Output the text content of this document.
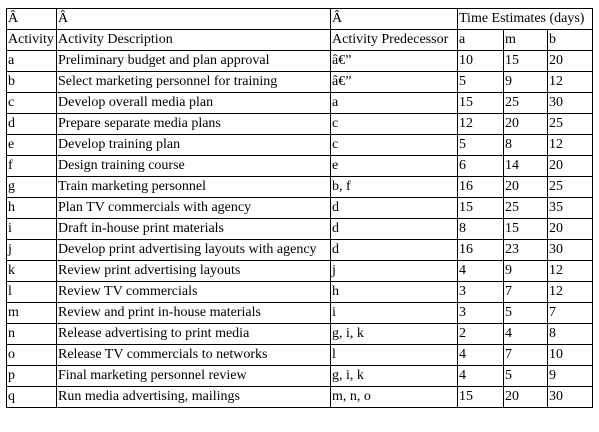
Â	Â	Â	Time Estimates (days)		
Activity	Activity Description	Activity Predecessor	a	m	b
a	Preliminary budget and plan approval	â€”	10	15	20
b	Select marketing personnel for training	â€”	5	9	12
c	Develop overall media plan	a	15	25	30
d	Prepare separate media plans	c	12	20	25
e	Develop training plan	c	5	8	12
f	Design training course	e	6	14	20
g	Train marketing personnel	b, f	16	20	25
h	Plan TV commercials with agency	d	15	25	35
i	Draft in-house print materials	d	8	15	20
j	Develop print advertising layouts with agency	d	16	23	30
k	Review print advertising layouts	j	4	9	12
l	Review TV commercials	h	3	7	12
m	Review and print in-house materials	i	3	5	7
n	Release advertising to print media	g, i, k	2	4	8
o	Release TV commercials to networks	l	4	7	10
p	Final marketing personnel review	g, i, k	4	5	9
q	Run media advertising, mailings	m, n, o	15	20	30
